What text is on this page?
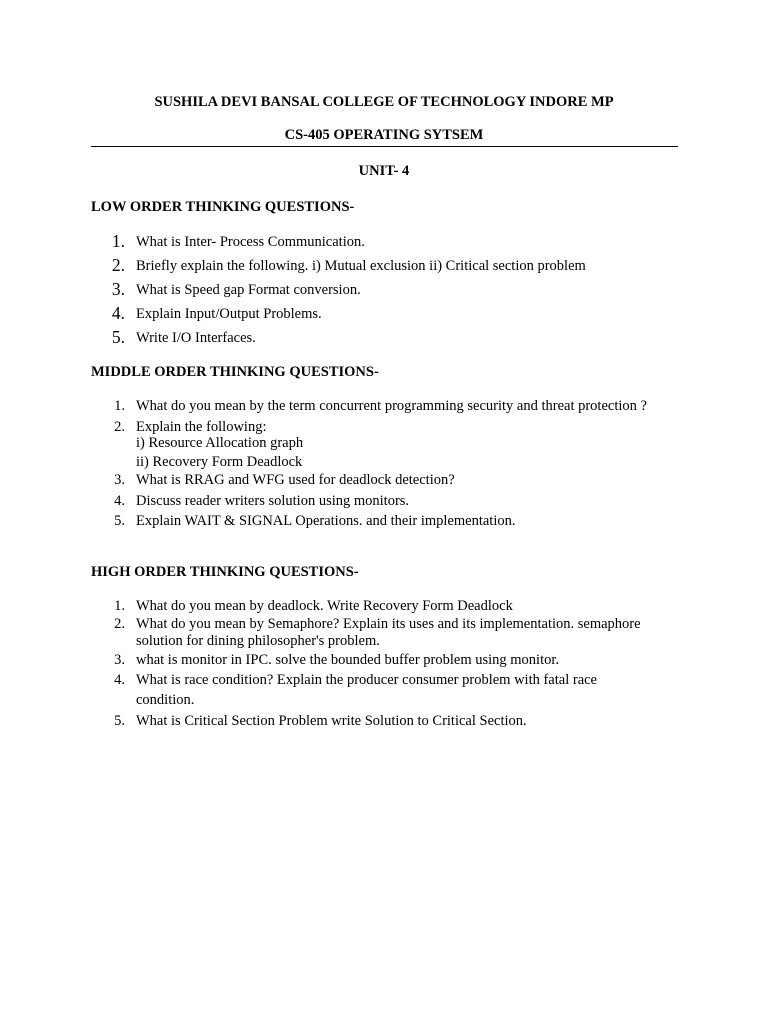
SUSHILA DEVI BANSAL COLLEGE OF TECHNOLOGY INDORE MP
CS-405 OPERATING SYTSEM
UNIT- 4
LOW ORDER THINKING QUESTIONS-
1. What is Inter- Process Communication.
2. Briefly explain the following. i) Mutual exclusion ii) Critical section problem
3. What is Speed gap Format conversion.
4. Explain Input/Output Problems.
5. Write I/O Interfaces.
MIDDLE ORDER THINKING QUESTIONS-
1. What do you mean by the term concurrent programming security and threat protection ?
2. Explain the following:
i) Resource Allocation graph
ii) Recovery Form Deadlock
3. What is RRAG and WFG used for deadlock detection?
4. Discuss reader writers solution using monitors.
5. Explain WAIT & SIGNAL Operations. and their implementation.
HIGH ORDER THINKING QUESTIONS-
1. What do you mean by deadlock. Write Recovery Form Deadlock
2. What do you mean by Semaphore? Explain its uses and its implementation. semaphore
solution for dining philosopher's problem.
3. what is monitor in IPC. solve the bounded buffer problem using monitor.
4. What is race condition? Explain the producer consumer problem with fatal race
condition.
5. What is Critical Section Problem write Solution to Critical Section.
